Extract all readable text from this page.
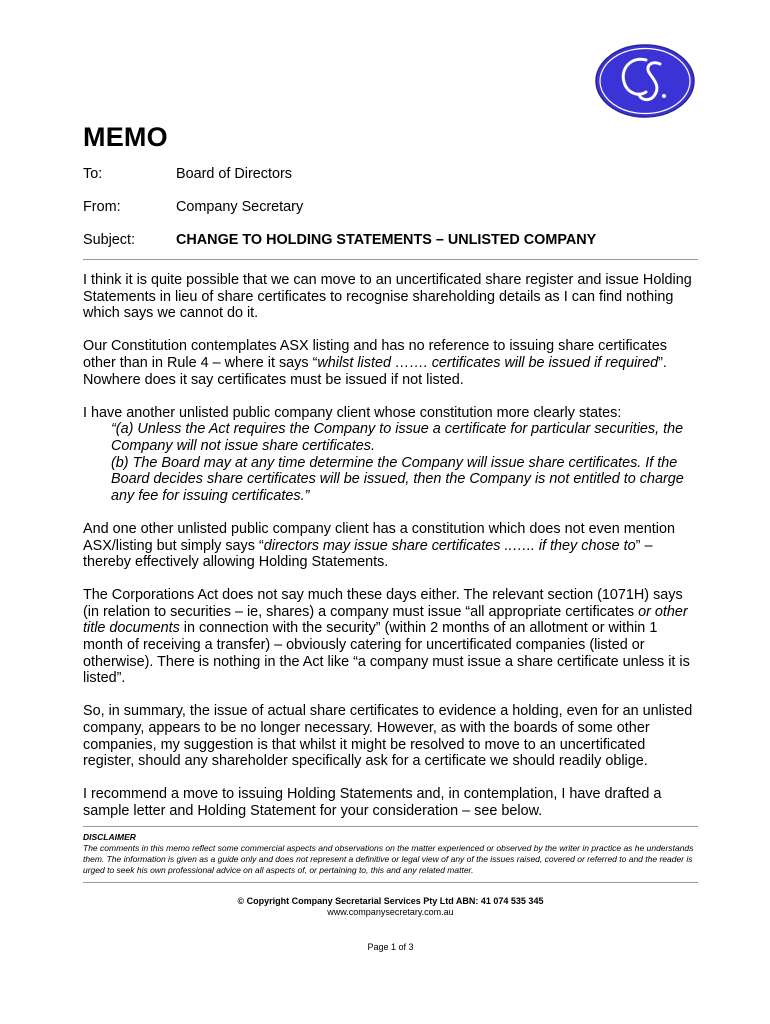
MEMO
To:	Board of Directors
From:	Company Secretary
Subject:	CHANGE TO HOLDING STATEMENTS – UNLISTED COMPANY

I think it is quite possible that we can move to an uncertificated share register and issue Holding Statements in lieu of share certificates to recognise shareholding details as I can find nothing which says we cannot do it.

Our Constitution contemplates ASX listing and has no reference to issuing share certificates other than in Rule 4 – where it says “whilst listed ……. certificates will be issued if required”. Nowhere does it say certificates must be issued if not listed.

I have another unlisted public company client whose constitution more clearly states:
“(a) Unless the Act requires the Company to issue a certificate for particular securities, the Company will not issue share certificates.
(b) The Board may at any time determine the Company will issue share certificates. If the Board decides share certificates will be issued, then the Company is not entitled to charge any fee for issuing certificates.”

And one other unlisted public company client has a constitution which does not even mention ASX/listing but simply says “directors may issue share certificates ..….. if they chose to” – thereby effectively allowing Holding Statements.

The Corporations Act does not say much these days either. The relevant section (1071H) says (in relation to securities – ie, shares) a company must issue “all appropriate certificates or other title documents in connection with the security” (within 2 months of an allotment or within 1 month of receiving a transfer) – obviously catering for uncertificated companies (listed or otherwise). There is nothing in the Act like “a company must issue a share certificate unless it is listed”.

So, in summary, the issue of actual share certificates to evidence a holding, even for an unlisted company, appears to be no longer necessary. However, as with the boards of some other companies, my suggestion is that whilst it might be resolved to move to an uncertificated register, should any shareholder specifically ask for a certificate we should readily oblige.

I recommend a move to issuing Holding Statements and, in contemplation, I have drafted a sample letter and Holding Statement for your consideration – see below.

DISCLAIMER
The comments in this memo reflect some commercial aspects and observations on the matter experienced or observed by the writer in practice as he understands them. The information is given as a guide only and does not represent a definitive or legal view of any of the issues raised, covered or referred to and the reader is urged to seek his own professional advice on all aspects of, or pertaining to, this and any related matter.
© Copyright Company Secretarial Services Pty Ltd ABN: 41 074 535 345
www.companysecretary.com.au
Page 1 of 3
